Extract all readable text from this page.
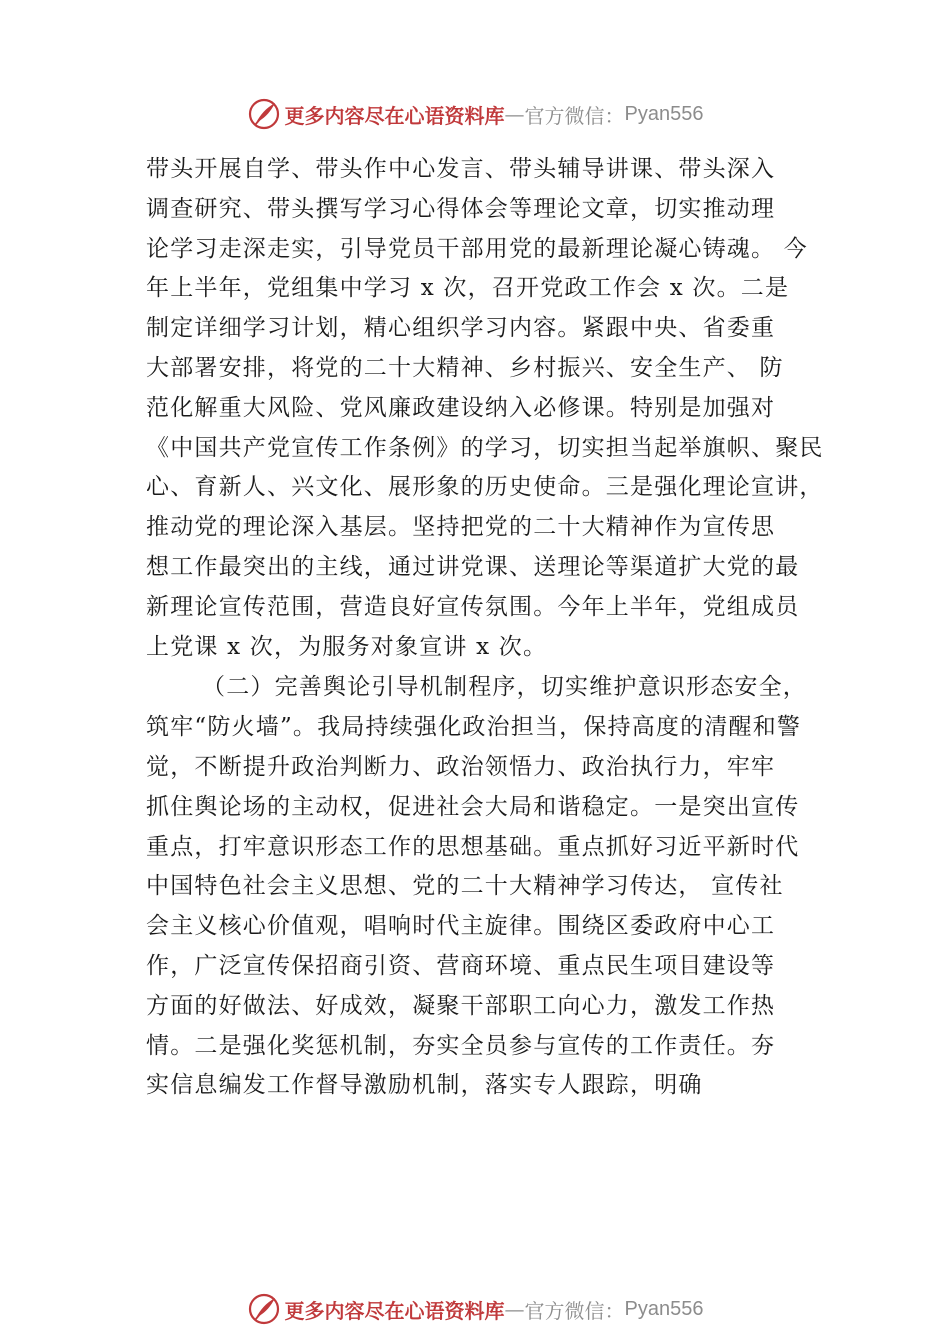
更多内容尽在心语资料库 — 官方微信： Pyan556
带头开展自学、带头作中心发言、带头辅导讲课、带头深入
调查研究、带头撰写学习心得体会等理论文章，切实推动理
论学习走深走实，引导党员干部用党的最新理论凝心铸魂。 今
年上半年，党组集中学习 x 次，召开党政工作会 x 次。二是
制定详细学习计划，精心组织学习内容。紧跟中央、省委重
大部署安排，将党的二十大精神、乡村振兴、安全生产、 防
范化解重大风险、党风廉政建设纳入必修课。特别是加强对
《中国共产党宣传工作条例》的学习，切实担当起举旗帜、聚民
心、育新人、兴文化、展形象的历史使命。三是强化理论宣讲，
推动党的理论深入基层。坚持把党的二十大精神作为宣传思
想工作最突出的主线，通过讲党课、送理论等渠道扩大党的最
新理论宣传范围，营造良好宣传氛围。今年上半年，党组成员
上党课 x 次，为服务对象宣讲 x 次。
（二）完善舆论引导机制程序，切实维护意识形态安全，
筑牢“防火墙”。我局持续强化政治担当，保持高度的清醒和警
觉，不断提升政治判断力、政治领悟力、政治执行力，牢牢
抓住舆论场的主动权，促进社会大局和谐稳定。一是突出宣传
重点，打牢意识形态工作的思想基础。重点抓好习近平新时代
中国特色社会主义思想、党的二十大精神学习传达， 宣传社
会主义核心价值观，唱响时代主旋律。围绕区委政府中心工
作，广泛宣传保招商引资、营商环境、重点民生项目建设等
方面的好做法、好成效，凝聚干部职工向心力，激发工作热
情。二是强化奖惩机制，夯实全员参与宣传的工作责任。夯
实信息编发工作督导激励机制，落实专人跟踪，明确
更多内容尽在心语资料库 — 官方微信： Pyan556
